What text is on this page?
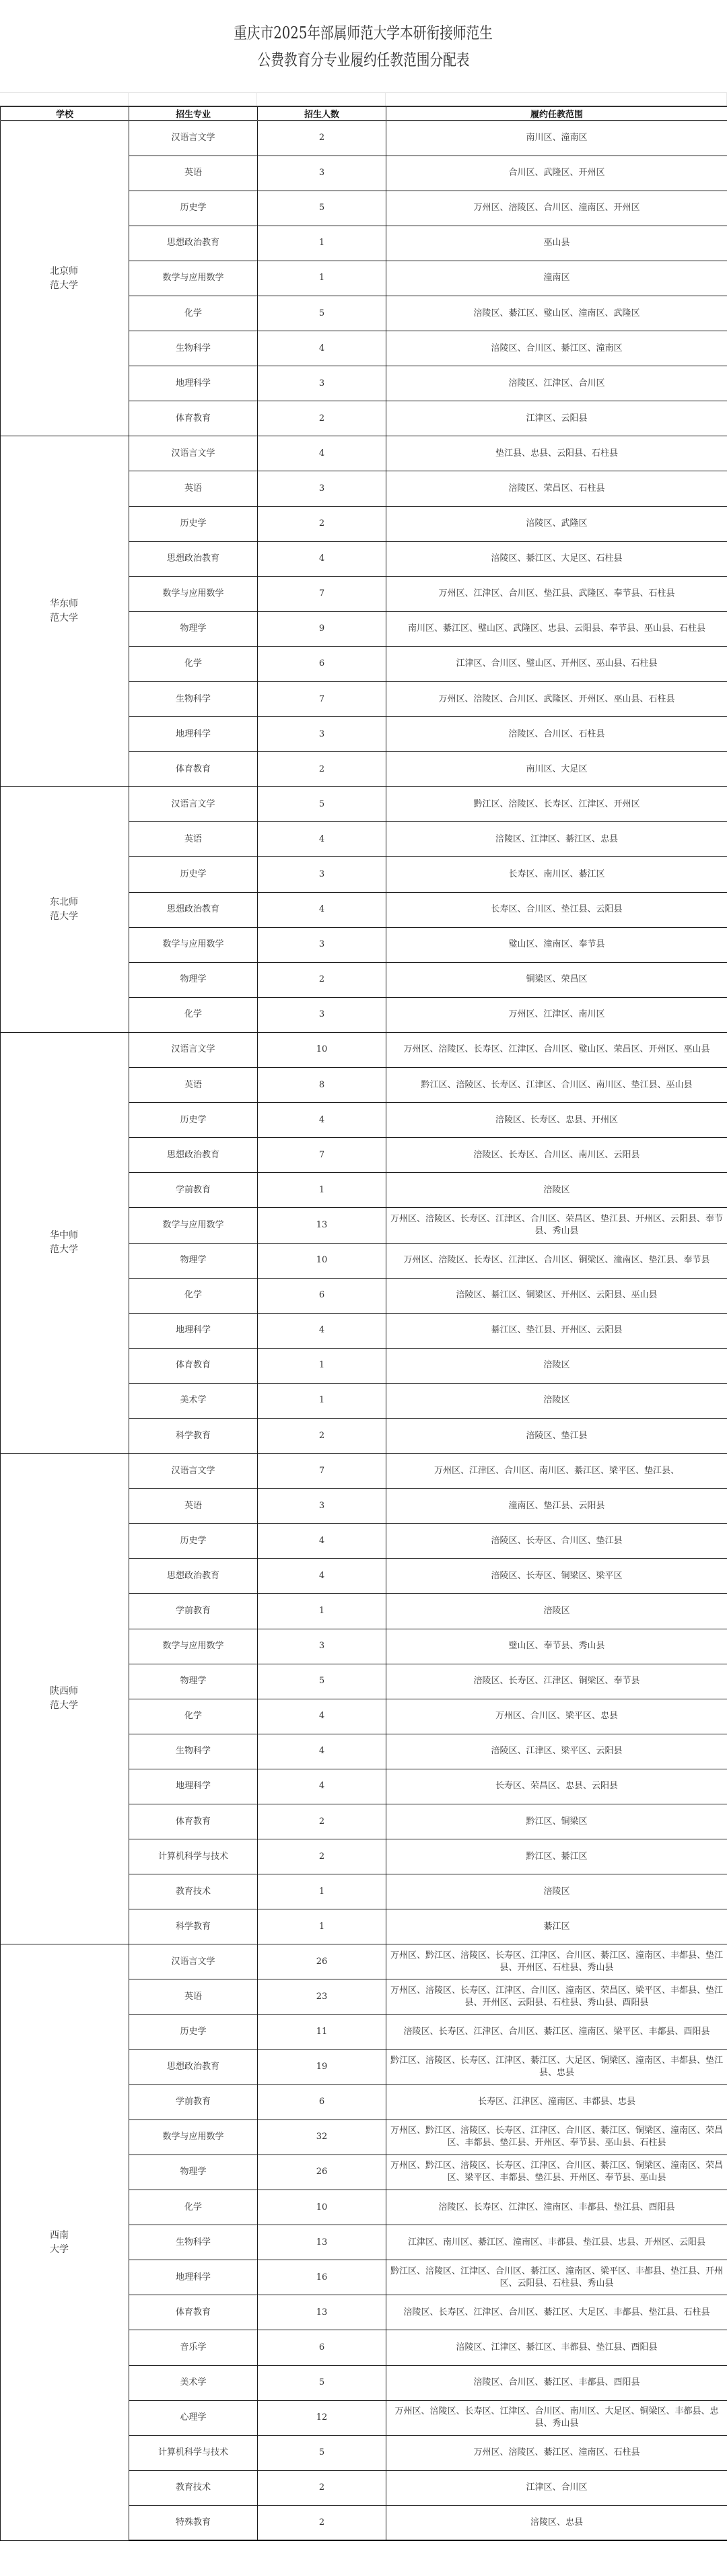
重庆市2025年部属师范大学本研衔接师范生
公费教育分专业履约任教范围分配表
学校	招生专业	招生人数	履约任教范围

北京师
范大学	汉语言文学	2	南川区、潼南区
	英语	3	合川区、武隆区、开州区
	历史学	5	万州区、涪陵区、合川区、潼南区、开州区
	思想政治教育	1	巫山县
	数学与应用数学	1	潼南区
	化学	5	涪陵区、綦江区、璧山区、潼南区、武隆区
	生物科学	4	涪陵区、合川区、綦江区、潼南区
	地理科学	3	涪陵区、江津区、合川区
	体育教育	2	江津区、云阳县

华东师
范大学	汉语言文学	4	垫江县、忠县、云阳县、石柱县
	英语	3	涪陵区、荣昌区、石柱县
	历史学	2	涪陵区、武隆区
	思想政治教育	4	涪陵区、綦江区、大足区、石柱县
	数学与应用数学	7	万州区、江津区、合川区、垫江县、武隆区、奉节县、石柱县
	物理学	9	南川区、綦江区、璧山区、武隆区、忠县、云阳县、奉节县、巫山县、石柱县
	化学	6	江津区、合川区、璧山区、开州区、巫山县、石柱县
	生物科学	7	万州区、涪陵区、合川区、武隆区、开州区、巫山县、石柱县
	地理科学	3	涪陵区、合川区、石柱县
	体育教育	2	南川区、大足区

东北师
范大学	汉语言文学	5	黔江区、涪陵区、长寿区、江津区、开州区
	英语	4	涪陵区、江津区、綦江区、忠县
	历史学	3	长寿区、南川区、綦江区
	思想政治教育	4	长寿区、合川区、垫江县、云阳县
	数学与应用数学	3	璧山区、潼南区、奉节县
	物理学	2	铜梁区、荣昌区
	化学	3	万州区、江津区、南川区

华中师
范大学	汉语言文学	10	万州区、涪陵区、长寿区、江津区、合川区、璧山区、荣昌区、开州区、巫山县
	英语	8	黔江区、涪陵区、长寿区、江津区、合川区、南川区、垫江县、巫山县
	历史学	4	涪陵区、长寿区、忠县、开州区
	思想政治教育	7	涪陵区、长寿区、合川区、南川区、云阳县
	学前教育	1	涪陵区
	数学与应用数学	13	万州区、涪陵区、长寿区、江津区、合川区、荣昌区、垫江县、开州区、云阳县、奉节县、秀山县
	物理学	10	万州区、涪陵区、长寿区、江津区、合川区、铜梁区、潼南区、垫江县、奉节县
	化学	6	涪陵区、綦江区、铜梁区、开州区、云阳县、巫山县
	地理科学	4	綦江区、垫江县、开州区、云阳县
	体育教育	1	涪陵区
	美术学	1	涪陵区
	科学教育	2	涪陵区、垫江县

陕西师
范大学	汉语言文学	7	万州区、江津区、合川区、南川区、綦江区、梁平区、垫江县、
	英语	3	潼南区、垫江县、云阳县
	历史学	4	涪陵区、长寿区、合川区、垫江县
	思想政治教育	4	涪陵区、长寿区、铜梁区、梁平区
	学前教育	1	涪陵区
	数学与应用数学	3	璧山区、奉节县、秀山县
	物理学	5	涪陵区、长寿区、江津区、铜梁区、奉节县
	化学	4	万州区、合川区、梁平区、忠县
	生物科学	4	涪陵区、江津区、梁平区、云阳县
	地理科学	4	长寿区、荣昌区、忠县、云阳县
	体育教育	2	黔江区、铜梁区
	计算机科学与技术	2	黔江区、綦江区
	教育技术	1	涪陵区
	科学教育	1	綦江区

西南
大学	汉语言文学	26	万州区、黔江区、涪陵区、长寿区、江津区、合川区、綦江区、潼南区、丰都县、垫江县、开州区、石柱县、秀山县
	英语	23	万州区、涪陵区、长寿区、江津区、合川区、潼南区、荣昌区、梁平区、丰都县、垫江县、开州区、云阳县、石柱县、秀山县、酉阳县
	历史学	11	涪陵区、长寿区、江津区、合川区、綦江区、潼南区、梁平区、丰都县、酉阳县
	思想政治教育	19	黔江区、涪陵区、长寿区、江津区、綦江区、大足区、铜梁区、潼南区、丰都县、垫江县、忠县
	学前教育	6	长寿区、江津区、潼南区、丰都县、忠县
	数学与应用数学	32	万州区、黔江区、涪陵区、长寿区、江津区、合川区、綦江区、铜梁区、潼南区、荣昌区、丰都县、垫江县、开州区、奉节县、巫山县、石柱县
	物理学	26	万州区、黔江区、涪陵区、长寿区、江津区、合川区、綦江区、铜梁区、潼南区、荣昌区、梁平区、丰都县、垫江县、开州区、奉节县、巫山县
	化学	10	涪陵区、长寿区、江津区、潼南区、丰都县、垫江县、酉阳县
	生物科学	13	江津区、南川区、綦江区、潼南区、丰都县、垫江县、忠县、开州区、云阳县
	地理科学	16	黔江区、涪陵区、江津区、合川区、綦江区、潼南区、梁平区、丰都县、垫江县、开州区、云阳县、石柱县、秀山县
	体育教育	13	涪陵区、长寿区、江津区、合川区、綦江区、大足区、丰都县、垫江县、石柱县
	音乐学	6	涪陵区、江津区、綦江区、丰都县、垫江县、酉阳县
	美术学	5	涪陵区、合川区、綦江区、丰都县、酉阳县
	心理学	12	万州区、涪陵区、长寿区、江津区、合川区、南川区、大足区、铜梁区、丰都县、忠县、秀山县
	计算机科学与技术	5	万州区、涪陵区、綦江区、潼南区、石柱县
	教育技术	2	江津区、合川区
	特殊教育	2	涪陵区、忠县
